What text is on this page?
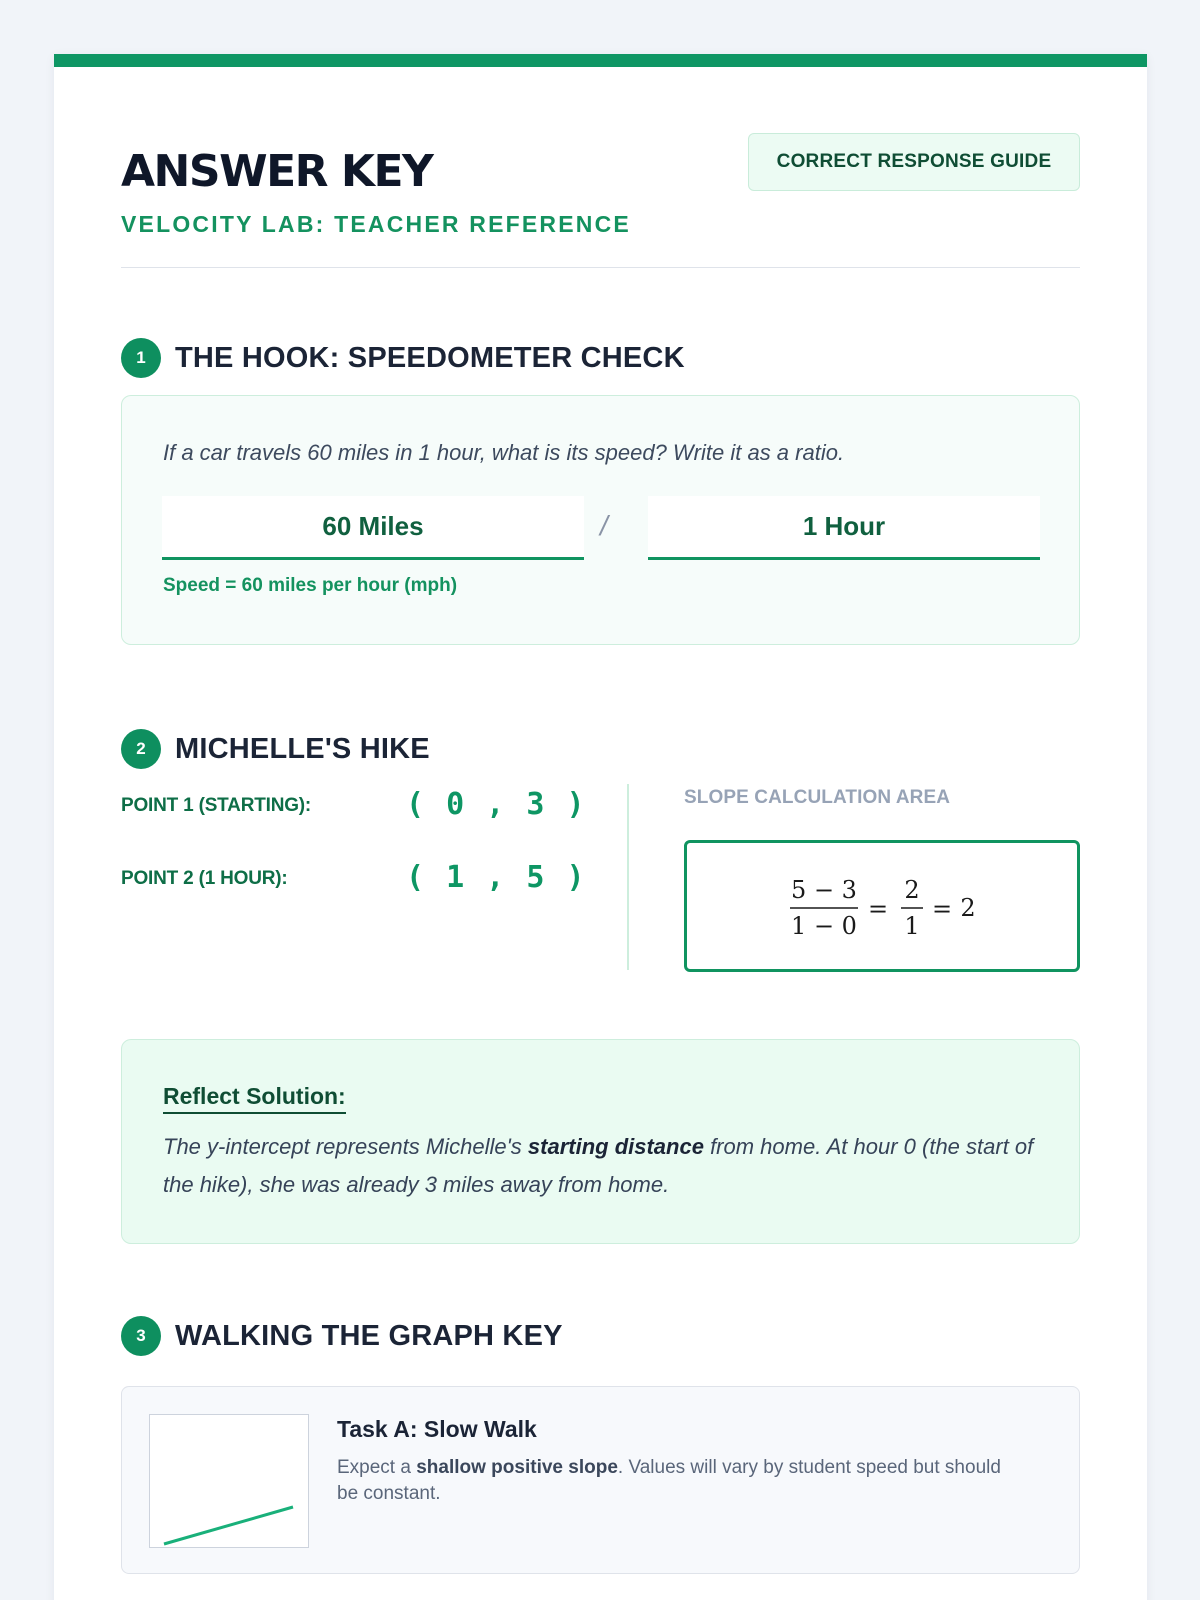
ANSWER KEY
VELOCITY LAB: TEACHER REFERENCE
CORRECT RESPONSE GUIDE
1	THE HOOK: SPEEDOMETER CHECK
If a car travels 60 miles in 1 hour, what is its speed? Write it as a ratio.
60 Miles	/	1 Hour
Speed = 60 miles per hour (mph)
2	MICHELLE'S HIKE
POINT 1 (STARTING):	( 0 , 3 )
POINT 2 (1 HOUR):	( 1 , 5 )
SLOPE CALCULATION AREA
5 − 3
1 − 0
=
2
1
= 2
Reflect Solution:
The y-intercept represents Michelle's starting distance from home. At hour 0 (the start of the hike), she was already 3 miles away from home.
3	WALKING THE GRAPH KEY
Task A: Slow Walk
Expect a shallow positive slope. Values will vary by student speed but should be constant.
